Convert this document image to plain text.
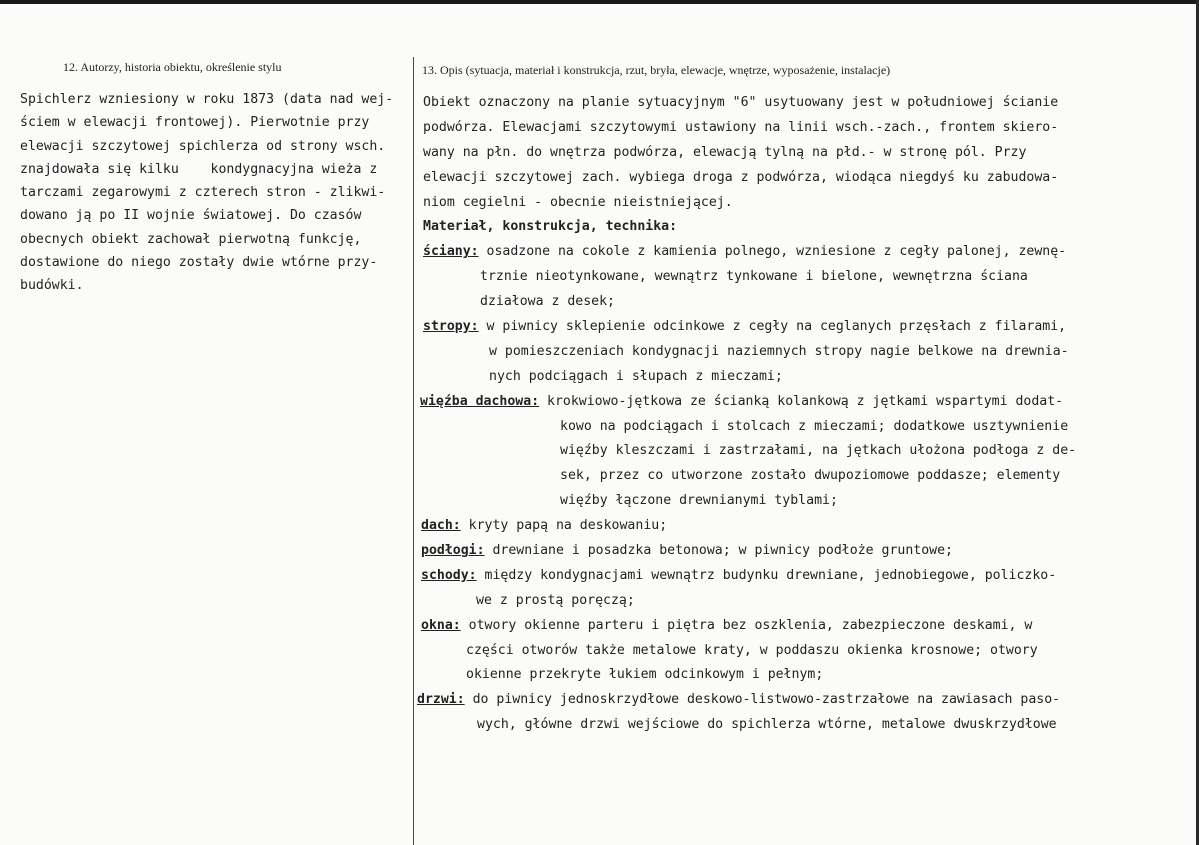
12. Autorzy, historia obiektu, określenie stylu	13. Opis (sytuacja, materiał i konstrukcja, rzut, bryła, elewacje, wnętrze, wyposażenie, instalacje)
Spichlerz wzniesiony w roku 1873 (data nad wej-
ściem w elewacji frontowej). Pierwotnie przy
elewacji szczytowej spichlerza od strony wsch.
znajdowała się kilku    kondygnacyjna wieża z
tarczami zegarowymi z czterech stron - zlikwi-
dowano ją po II wojnie światowej. Do czasów
obecnych obiekt zachował pierwotną funkcję,
dostawione do niego zostały dwie wtórne przy-
budówki.
Obiekt oznaczony na planie sytuacyjnym "6" usytuowany jest w południowej ścianie
podwórza. Elewacjami szczytowymi ustawiony na linii wsch.-zach., frontem skiero-
wany na płn. do wnętrza podwórza, elewacją tylną na płd.- w stronę pól. Przy
elewacji szczytowej zach. wybiega droga z podwórza, wiodąca niegdyś ku zabudowa-
niom cegielni - obecnie nieistniejącej.
Materiał, konstrukcja, technika:
ściany: osadzone na cokole z kamienia polnego, wzniesione z cegły palonej, zewnę-
trznie nieotynkowane, wewnątrz tynkowane i bielone, wewnętrzna ściana
działowa z desek;
stropy: w piwnicy sklepienie odcinkowe z cegły na ceglanych przęsłach z filarami,
w pomieszczeniach kondygnacji naziemnych stropy nagie belkowe na drewnia-
nych podciągach i słupach z mieczami;
więźba dachowa: krokwiowo-jętkowa ze ścianką kolankową z jętkami wspartymi dodat-
kowo na podciągach i stolcach z mieczami; dodatkowe usztywnienie
więźby kleszczami i zastrzałami, na jętkach ułożona podłoga z de-
sek, przez co utworzone zostało dwupoziomowe poddasze; elementy
więźby łączone drewnianymi tyblami;
dach: kryty papą na deskowaniu;
podłogi: drewniane i posadzka betonowa; w piwnicy podłoże gruntowe;
schody: między kondygnacjami wewnątrz budynku drewniane, jednobiegowe, policzko-
we z prostą poręczą;
okna: otwory okienne parteru i piętra bez oszklenia, zabezpieczone deskami, w
części otworów także metalowe kraty, w poddaszu okienka krosnowe; otwory
okienne przekryte łukiem odcinkowym i pełnym;
drzwi: do piwnicy jednoskrzydłowe deskowo-listwowo-zastrzałowe na zawiasach paso-
wych, główne drzwi wejściowe do spichlerza wtórne, metalowe dwuskrzydłowe
